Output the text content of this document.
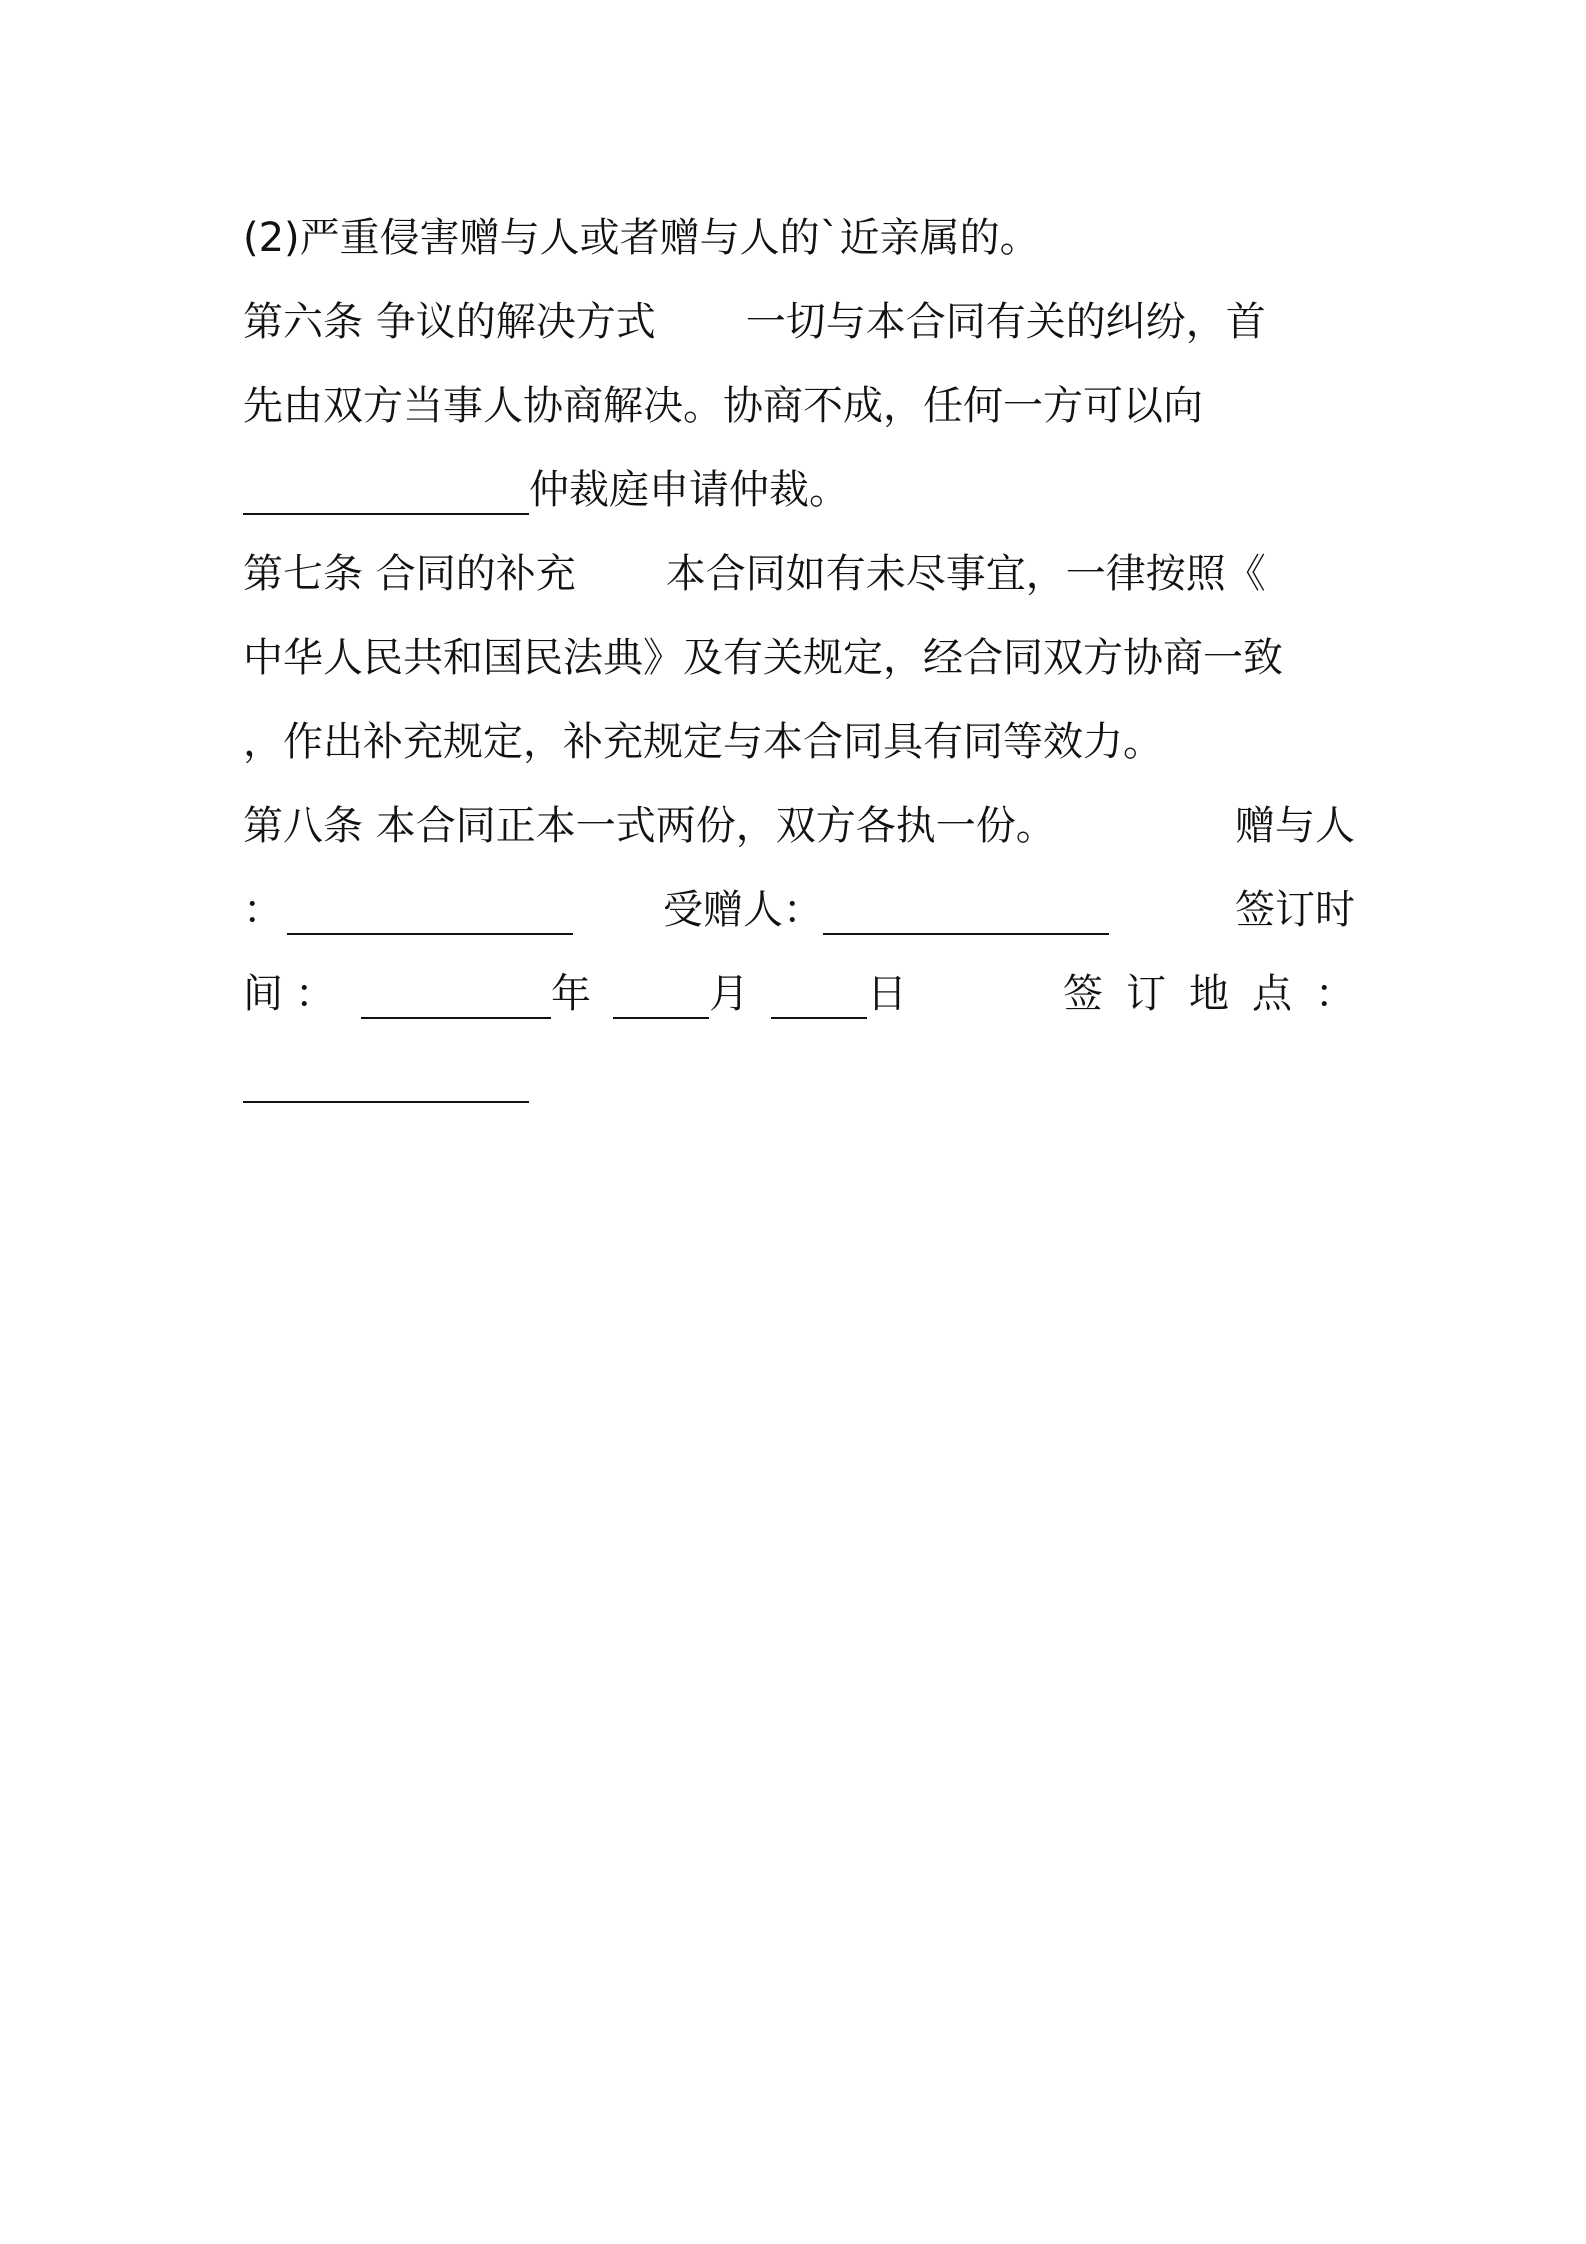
(2)严重侵害赠与人或者赠与人的`近亲属的。
第六条 争议的解决方式 一切与本合同有关的纠纷，首
先由双方当事人协商解决。协商不成，任何一方可以向
仲裁庭申请仲裁。
第七条 合同的补充 本合同如有未尽事宜，一律按照《
中华人民共和国民法典》及有关规定，经合同双方协商一致
，作出补充规定，补充规定与本合同具有同等效力。
第八条 本合同正本一式两份，双方各执一份。	赠与人
：	受赠人：	签订时
间：	年	月	日	签 订 地 点 ：
